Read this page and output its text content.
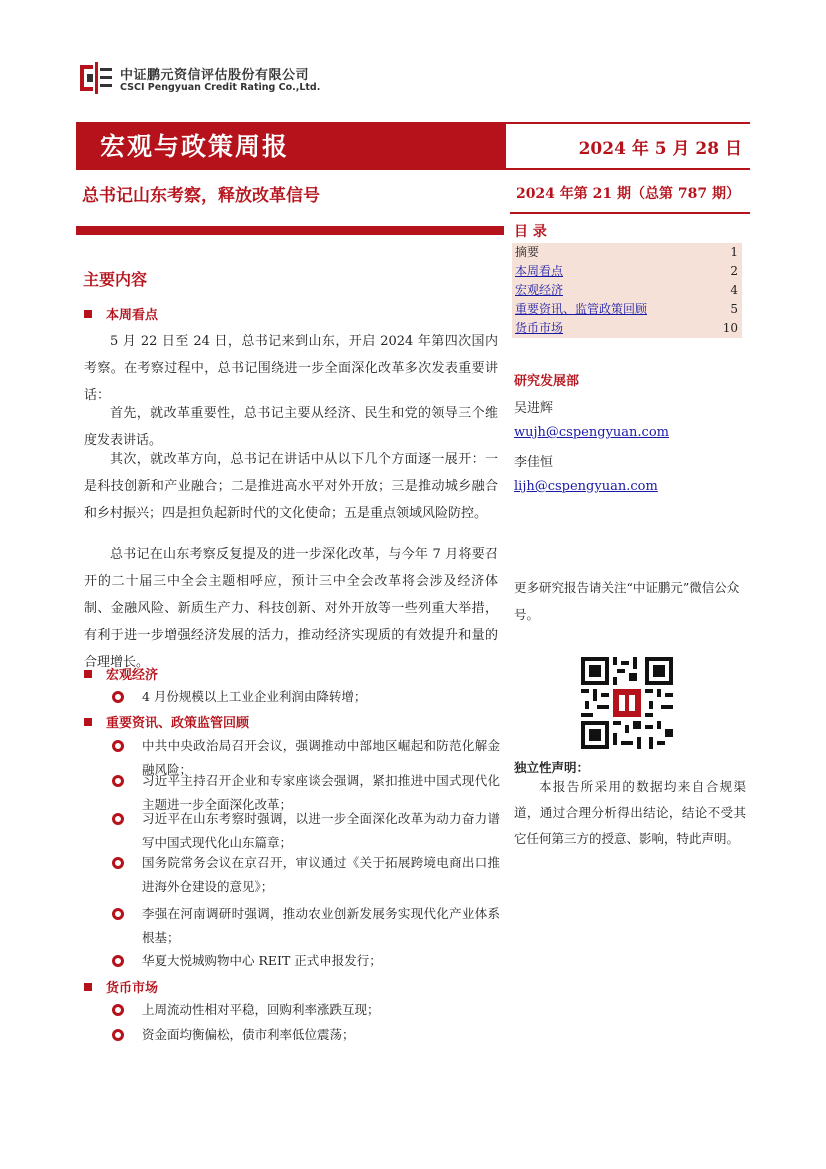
中证鹏元资信评估股份有限公司
CSCI Pengyuan Credit Rating Co.,Ltd.
宏观与政策周报	2024 年 5 月 28 日
总书记山东考察，释放改革信号	2024 年第 21 期（总第 787 期）
主要内容
本周看点
5 月 22 日至 24 日，总书记来到山东，开启 2024 年第四次国内考察。在考察过程中，总书记围绕进一步全面深化改革多次发表重要讲话：
首先，就改革重要性，总书记主要从经济、民生和党的领导三个维度发表讲话。
其次，就改革方向，总书记在讲话中从以下几个方面逐一展开：一是科技创新和产业融合；二是推进高水平对外开放；三是推动城乡融合和乡村振兴；四是担负起新时代的文化使命；五是重点领域风险防控。
总书记在山东考察反复提及的进一步深化改革，与今年 7 月将要召开的二十届三中全会主题相呼应，预计三中全会改革将会涉及经济体制、金融风险、新质生产力、科技创新、对外开放等一些列重大举措，有利于进一步增强经济发展的活力，推动经济实现质的有效提升和量的合理增长。
宏观经济
4 月份规模以上工业企业利润由降转增；
重要资讯、政策监管回顾
中共中央政治局召开会议，强调推动中部地区崛起和防范化解金融风险；
习近平主持召开企业和专家座谈会强调，紧扣推进中国式现代化主题进一步全面深化改革；
习近平在山东考察时强调，以进一步全面深化改革为动力奋力谱写中国式现代化山东篇章；
国务院常务会议在京召开，审议通过《关于拓展跨境电商出口推进海外仓建设的意见》；
李强在河南调研时强调，推动农业创新发展务实现代化产业体系根基；
华夏大悦城购物中心 REIT 正式申报发行；
货币市场
上周流动性相对平稳，回购利率涨跌互现；
资金面均衡偏松，债市利率低位震荡；
目 录
摘要	1
本周看点	2
宏观经济	4
重要资讯、监管政策回顾	5
货币市场	10
研究发展部
吴进辉
wujh@cspengyuan.com
李佳恒
lijh@cspengyuan.com
更多研究报告请关注“中证鹏元”微信公众号。
独立性声明：
本报告所采用的数据均来自合规渠道，通过合理分析得出结论，结论不受其它任何第三方的授意、影响，特此声明。
